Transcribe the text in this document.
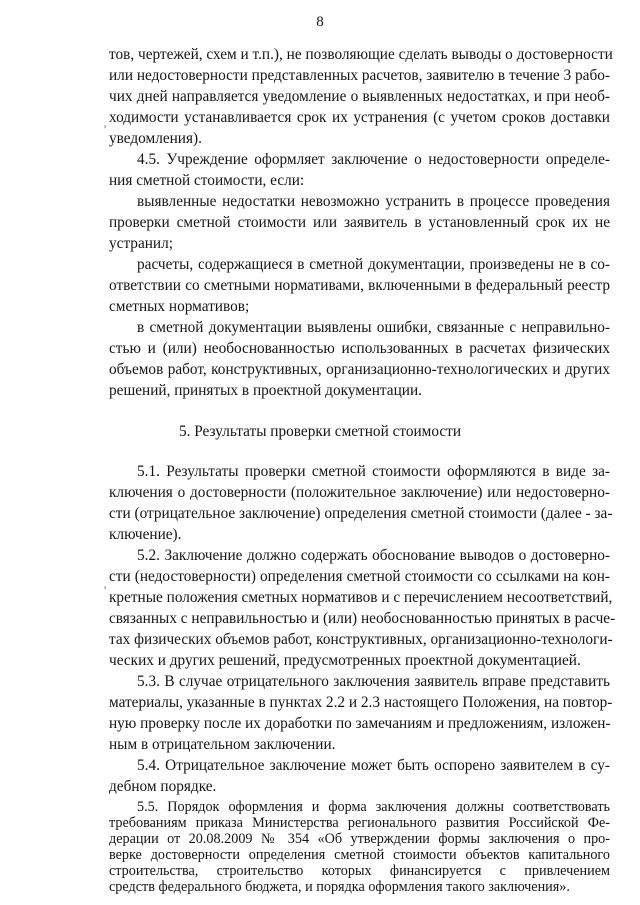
8
тов, чертежей, схем и т.п.), не позволяющие сделать выводы о достоверности
или недостоверности представленных расчетов, заявителю в течение 3 рабо-
чих дней направляется уведомление о выявленных недостатках, и при необ-
ходимости устанавливается срок их устранения (с учетом сроков доставки
уведомления).
4.5. Учреждение оформляет заключение о недостоверности определе-
ния сметной стоимости, если:
выявленные недостатки невозможно устранить в процессе проведения
проверки сметной стоимости или заявитель в установленный срок их не
устранил;
расчеты, содержащиеся в сметной документации, произведены не в со-
ответствии со сметными нормативами, включенными в федеральный реестр
сметных нормативов;
в сметной документации выявлены ошибки, связанные с неправильно-
стью и (или) необоснованностью использованных в расчетах физических
объемов работ, конструктивных, организационно-технологических и других
решений, принятых в проектной документации.
5. Результаты проверки сметной стоимости
5.1. Результаты проверки сметной стоимости оформляются в виде за-
ключения о достоверности (положительное заключение) или недостоверно-
сти (отрицательное заключение) определения сметной стоимости (далее - за-
ключение).
5.2. Заключение должно содержать обоснование выводов о достоверно-
сти (недостоверности) определения сметной стоимости со ссылками на кон-
кретные положения сметных нормативов и с перечислением несоответствий,
связанных с неправильностью и (или) необоснованностью принятых в расче-
тах физических объемов работ, конструктивных, организационно-технологи-
ческих и других решений, предусмотренных проектной документацией.
5.3. В случае отрицательного заключения заявитель вправе представить
материалы, указанные в пунктах 2.2 и 2.3 настоящего Положения, на повтор-
ную проверку после их доработки по замечаниям и предложениям, изложен-
ным в отрицательном заключении.
5.4. Отрицательное заключение может быть оспорено заявителем в су-
дебном порядке.
5.5. Порядок оформления и форма заключения должны соответствовать
требованиям приказа Министерства регионального развития Российской Фе-
дерации от 20.08.2009 № 354 «Об утверждении формы заключения о про-
верке достоверности определения сметной стоимости объектов капитального
строительства, строительство которых финансируется с привлечением
средств федерального бюджета, и порядка оформления такого заключения».
'
'
